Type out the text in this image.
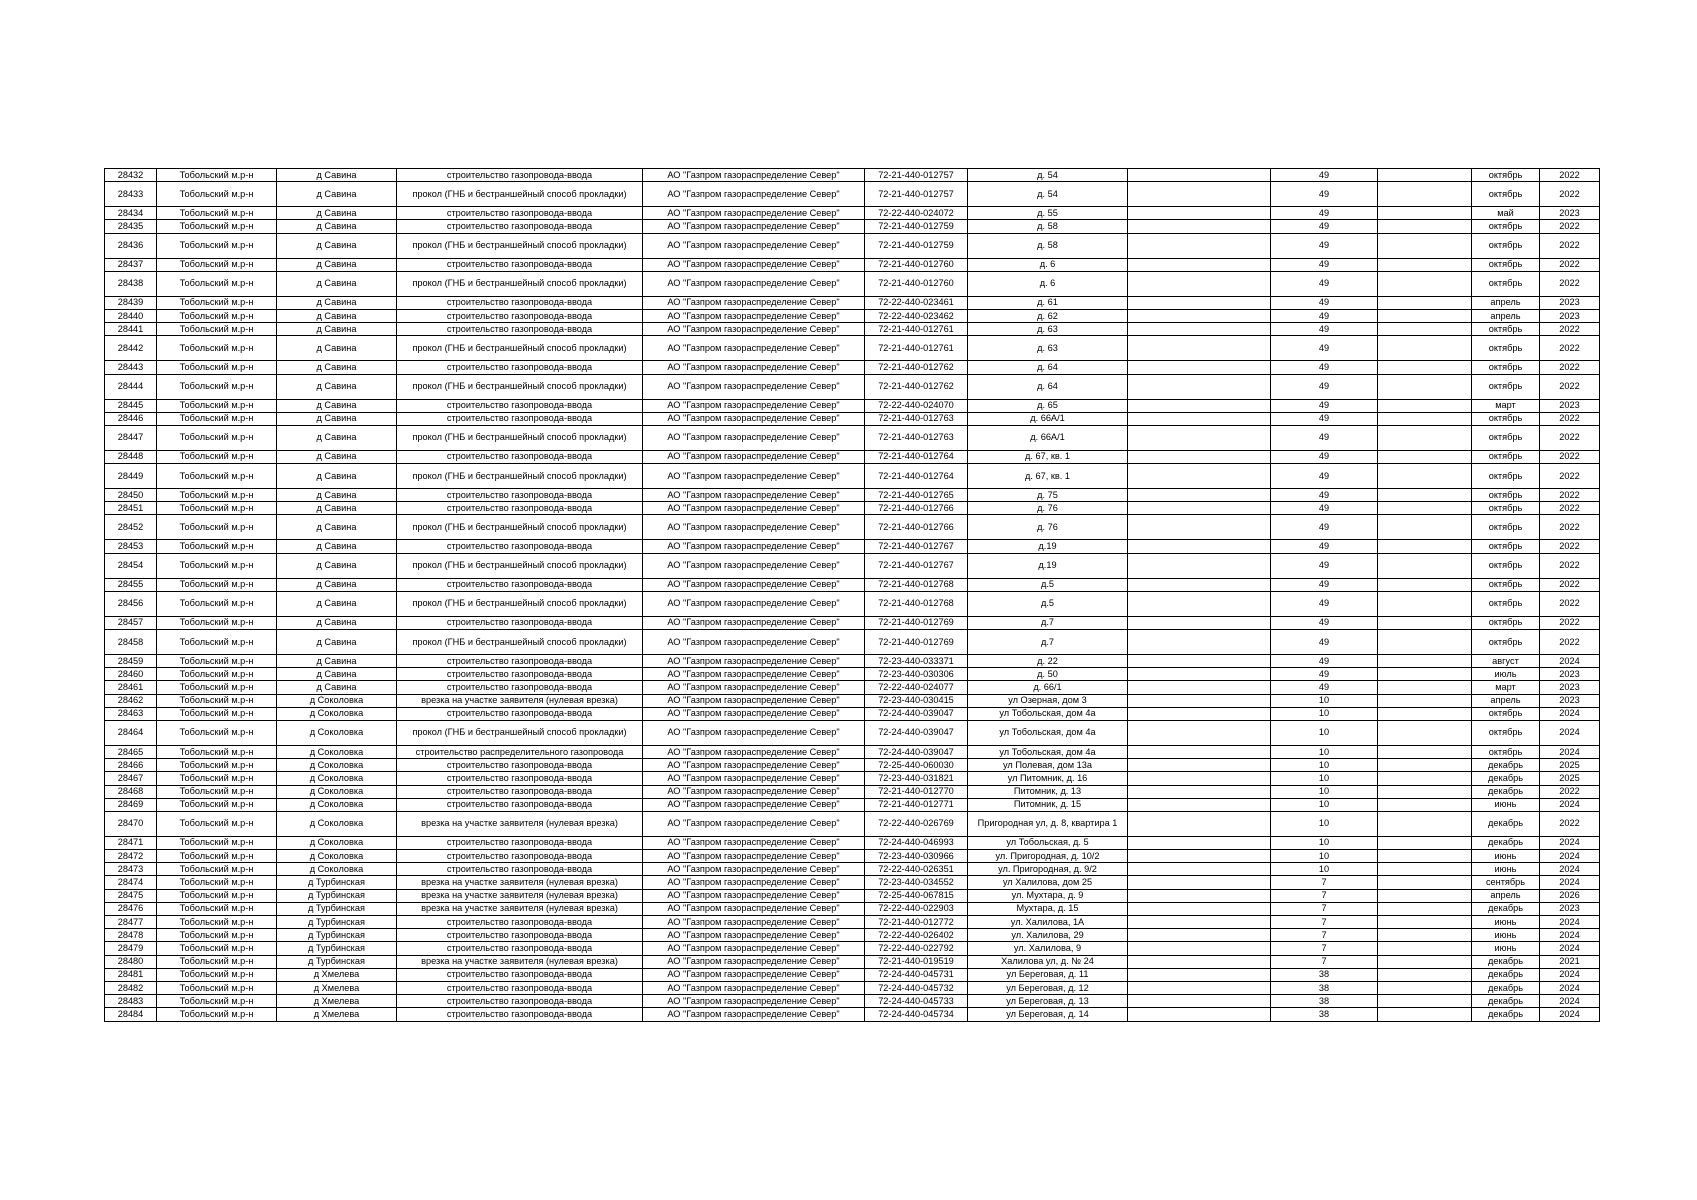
28432	Тобольский м.р-н	д Савина	строительство газопровода-ввода	АО "Газпром газораспределение Север"	72-21-440-012757	д. 54		49		октябрь	2022
28433	Тобольский м.р-н	д Савина	прокол (ГНБ и бестраншейный способ прокладки)	АО "Газпром газораспределение Север"	72-21-440-012757	д. 54		49		октябрь	2022
28434	Тобольский м.р-н	д Савина	строительство газопровода-ввода	АО "Газпром газораспределение Север"	72-22-440-024072	д. 55		49		май	2023
28435	Тобольский м.р-н	д Савина	строительство газопровода-ввода	АО "Газпром газораспределение Север"	72-21-440-012759	д. 58		49		октябрь	2022
28436	Тобольский м.р-н	д Савина	прокол (ГНБ и бестраншейный способ прокладки)	АО "Газпром газораспределение Север"	72-21-440-012759	д. 58		49		октябрь	2022
28437	Тобольский м.р-н	д Савина	строительство газопровода-ввода	АО "Газпром газораспределение Север"	72-21-440-012760	д. 6		49		октябрь	2022
28438	Тобольский м.р-н	д Савина	прокол (ГНБ и бестраншейный способ прокладки)	АО "Газпром газораспределение Север"	72-21-440-012760	д. 6		49		октябрь	2022
28439	Тобольский м.р-н	д Савина	строительство газопровода-ввода	АО "Газпром газораспределение Север"	72-22-440-023461	д. 61		49		апрель	2023
28440	Тобольский м.р-н	д Савина	строительство газопровода-ввода	АО "Газпром газораспределение Север"	72-22-440-023462	д. 62		49		апрель	2023
28441	Тобольский м.р-н	д Савина	строительство газопровода-ввода	АО "Газпром газораспределение Север"	72-21-440-012761	д. 63		49		октябрь	2022
28442	Тобольский м.р-н	д Савина	прокол (ГНБ и бестраншейный способ прокладки)	АО "Газпром газораспределение Север"	72-21-440-012761	д. 63		49		октябрь	2022
28443	Тобольский м.р-н	д Савина	строительство газопровода-ввода	АО "Газпром газораспределение Север"	72-21-440-012762	д. 64		49		октябрь	2022
28444	Тобольский м.р-н	д Савина	прокол (ГНБ и бестраншейный способ прокладки)	АО "Газпром газораспределение Север"	72-21-440-012762	д. 64		49		октябрь	2022
28445	Тобольский м.р-н	д Савина	строительство газопровода-ввода	АО "Газпром газораспределение Север"	72-22-440-024070	д. 65		49		март	2023
28446	Тобольский м.р-н	д Савина	строительство газопровода-ввода	АО "Газпром газораспределение Север"	72-21-440-012763	д. 66А/1		49		октябрь	2022
28447	Тобольский м.р-н	д Савина	прокол (ГНБ и бестраншейный способ прокладки)	АО "Газпром газораспределение Север"	72-21-440-012763	д. 66А/1		49		октябрь	2022
28448	Тобольский м.р-н	д Савина	строительство газопровода-ввода	АО "Газпром газораспределение Север"	72-21-440-012764	д. 67, кв. 1		49		октябрь	2022
28449	Тобольский м.р-н	д Савина	прокол (ГНБ и бестраншейный способ прокладки)	АО "Газпром газораспределение Север"	72-21-440-012764	д. 67, кв. 1		49		октябрь	2022
28450	Тобольский м.р-н	д Савина	строительство газопровода-ввода	АО "Газпром газораспределение Север"	72-21-440-012765	д. 75		49		октябрь	2022
28451	Тобольский м.р-н	д Савина	строительство газопровода-ввода	АО "Газпром газораспределение Север"	72-21-440-012766	д. 76		49		октябрь	2022
28452	Тобольский м.р-н	д Савина	прокол (ГНБ и бестраншейный способ прокладки)	АО "Газпром газораспределение Север"	72-21-440-012766	д. 76		49		октябрь	2022
28453	Тобольский м.р-н	д Савина	строительство газопровода-ввода	АО "Газпром газораспределение Север"	72-21-440-012767	д.19		49		октябрь	2022
28454	Тобольский м.р-н	д Савина	прокол (ГНБ и бестраншейный способ прокладки)	АО "Газпром газораспределение Север"	72-21-440-012767	д.19		49		октябрь	2022
28455	Тобольский м.р-н	д Савина	строительство газопровода-ввода	АО "Газпром газораспределение Север"	72-21-440-012768	д.5		49		октябрь	2022
28456	Тобольский м.р-н	д Савина	прокол (ГНБ и бестраншейный способ прокладки)	АО "Газпром газораспределение Север"	72-21-440-012768	д.5		49		октябрь	2022
28457	Тобольский м.р-н	д Савина	строительство газопровода-ввода	АО "Газпром газораспределение Север"	72-21-440-012769	д.7		49		октябрь	2022
28458	Тобольский м.р-н	д Савина	прокол (ГНБ и бестраншейный способ прокладки)	АО "Газпром газораспределение Север"	72-21-440-012769	д.7		49		октябрь	2022
28459	Тобольский м.р-н	д Савина	строительство газопровода-ввода	АО "Газпром газораспределение Север"	72-23-440-033371	д. 22		49		август	2024
28460	Тобольский м.р-н	д Савина	строительство газопровода-ввода	АО "Газпром газораспределение Север"	72-23-440-030306	д. 50		49		июль	2023
28461	Тобольский м.р-н	д Савина	строительство газопровода-ввода	АО "Газпром газораспределение Север"	72-22-440-024077	д. 66/1		49		март	2023
28462	Тобольский м.р-н	д Соколовка	врезка на участке заявителя (нулевая врезка)	АО "Газпром газораспределение Север"	72-23-440-030415	ул Озерная, дом 3		10		апрель	2023
28463	Тобольский м.р-н	д Соколовка	строительство газопровода-ввода	АО "Газпром газораспределение Север"	72-24-440-039047	ул Тобольская, дом 4а		10		октябрь	2024
28464	Тобольский м.р-н	д Соколовка	прокол (ГНБ и бестраншейный способ прокладки)	АО "Газпром газораспределение Север"	72-24-440-039047	ул Тобольская, дом 4а		10		октябрь	2024
28465	Тобольский м.р-н	д Соколовка	строительство распределительного газопровода	АО "Газпром газораспределение Север"	72-24-440-039047	ул Тобольская, дом 4а		10		октябрь	2024
28466	Тобольский м.р-н	д Соколовка	строительство газопровода-ввода	АО "Газпром газораспределение Север"	72-25-440-060030	ул Полевая, дом 13а		10		декабрь	2025
28467	Тобольский м.р-н	д Соколовка	строительство газопровода-ввода	АО "Газпром газораспределение Север"	72-23-440-031821	ул Питомник, д. 16		10		декабрь	2025
28468	Тобольский м.р-н	д Соколовка	строительство газопровода-ввода	АО "Газпром газораспределение Север"	72-21-440-012770	Питомник, д. 13		10		декабрь	2022
28469	Тобольский м.р-н	д Соколовка	строительство газопровода-ввода	АО "Газпром газораспределение Север"	72-21-440-012771	Питомник, д. 15		10		июнь	2024
28470	Тобольский м.р-н	д Соколовка	врезка на участке заявителя (нулевая врезка)	АО "Газпром газораспределение Север"	72-22-440-026769	Пригородная ул, д. 8, квартира 1		10		декабрь	2022
28471	Тобольский м.р-н	д Соколовка	строительство газопровода-ввода	АО "Газпром газораспределение Север"	72-24-440-046993	ул Тобольская, д. 5		10		декабрь	2024
28472	Тобольский м.р-н	д Соколовка	строительство газопровода-ввода	АО "Газпром газораспределение Север"	72-23-440-030966	ул. Пригородная, д. 10/2		10		июнь	2024
28473	Тобольский м.р-н	д Соколовка	строительство газопровода-ввода	АО "Газпром газораспределение Север"	72-22-440-026351	ул. Пригородная, д. 9/2		10		июнь	2024
28474	Тобольский м.р-н	д Турбинская	врезка на участке заявителя (нулевая врезка)	АО "Газпром газораспределение Север"	72-23-440-034552	ул Халилова, дом 25		7		сентябрь	2024
28475	Тобольский м.р-н	д Турбинская	врезка на участке заявителя (нулевая врезка)	АО "Газпром газораспределение Север"	72-25-440-067815	ул. Мухтара, д. 9		7		апрель	2026
28476	Тобольский м.р-н	д Турбинская	врезка на участке заявителя (нулевая врезка)	АО "Газпром газораспределение Север"	72-22-440-022903	Мухтара, д. 15		7		декабрь	2023
28477	Тобольский м.р-н	д Турбинская	строительство газопровода-ввода	АО "Газпром газораспределение Север"	72-21-440-012772	ул. Халилова, 1А		7		июнь	2024
28478	Тобольский м.р-н	д Турбинская	строительство газопровода-ввода	АО "Газпром газораспределение Север"	72-22-440-026402	ул. Халилова, 29		7		июнь	2024
28479	Тобольский м.р-н	д Турбинская	строительство газопровода-ввода	АО "Газпром газораспределение Север"	72-22-440-022792	ул. Халилова, 9		7		июнь	2024
28480	Тобольский м.р-н	д Турбинская	врезка на участке заявителя (нулевая врезка)	АО "Газпром газораспределение Север"	72-21-440-019519	Халилова ул, д. № 24		7		декабрь	2021
28481	Тобольский м.р-н	д Хмелева	строительство газопровода-ввода	АО "Газпром газораспределение Север"	72-24-440-045731	ул Береговая, д. 11		38		декабрь	2024
28482	Тобольский м.р-н	д Хмелева	строительство газопровода-ввода	АО "Газпром газораспределение Север"	72-24-440-045732	ул Береговая, д. 12		38		декабрь	2024
28483	Тобольский м.р-н	д Хмелева	строительство газопровода-ввода	АО "Газпром газораспределение Север"	72-24-440-045733	ул Береговая, д. 13		38		декабрь	2024
28484	Тобольский м.р-н	д Хмелева	строительство газопровода-ввода	АО "Газпром газораспределение Север"	72-24-440-045734	ул Береговая, д. 14		38		декабрь	2024
